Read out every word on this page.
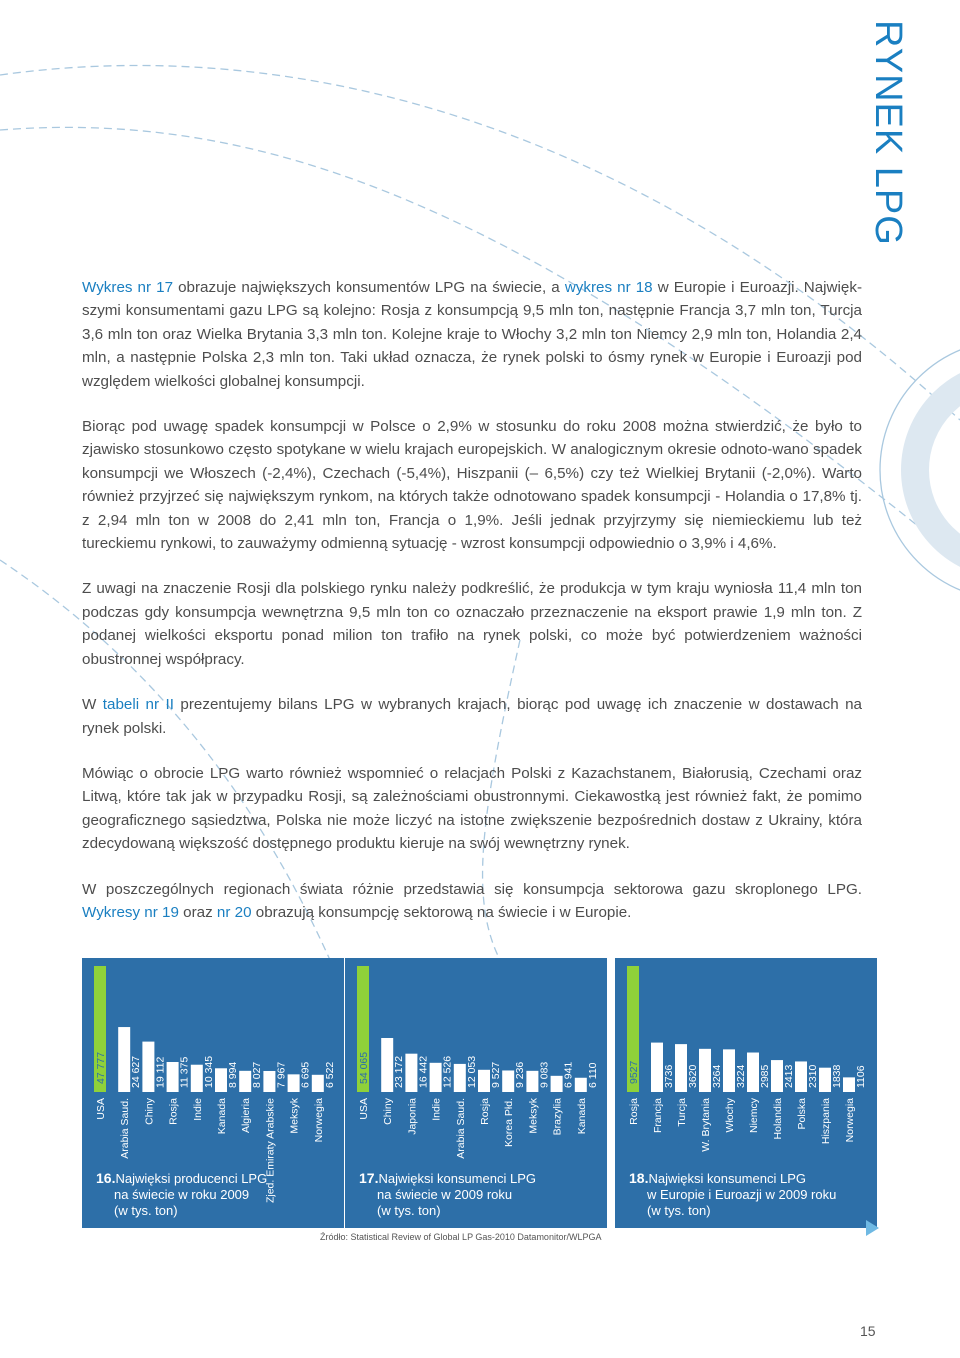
RYNEK LPG

Wykres nr 17 obrazuje największych konsumentów LPG na świecie, a wykres nr 18 w Europie i Euroazji. Najwięk-szymi konsumentami gazu LPG są kolejno: Rosja z konsumpcją 9,5 mln ton, następnie Francja 3,7 mln ton, Turcja 3,6 mln ton oraz Wielka Brytania 3,3 mln ton. Kolejne kraje to Włochy 3,2 mln ton Niemcy 2,9 mln ton, Holandia 2,4 mln, a następnie Polska 2,3 mln ton. Taki układ oznacza, że rynek polski to ósmy rynek w Europie i Euroazji pod względem wielkości globalnej konsumpcji.

Biorąc pod uwagę spadek konsumpcji w Polsce o 2,9% w stosunku do roku 2008 można stwierdzić, że było to zjawisko stosunkowo często spotykane w wielu krajach europejskich. W analogicznym okresie odnoto-wano spadek konsumpcji we Włoszech (-2,4%), Czechach (-5,4%), Hiszpanii (– 6,5%) czy też Wielkiej Brytanii (-2,0%). Warto również przyjrzeć się największym rynkom, na których także odnotowano spadek konsumpcji - Holandia o 17,8% tj. z 2,94 mln ton w 2008 do 2,41 mln ton, Francja o 1,9%. Jeśli jednak przyjrzymy się niemieckiemu lub też tureckiemu rynkowi, to zauważymy odmienną sytuację - wzrost konsumpcji odpowiednio o 3,9% i 4,6%.

Z uwagi na znaczenie Rosji dla polskiego rynku należy podkreślić, że produkcja w tym kraju wyniosła 11,4 mln ton podczas gdy konsumpcja wewnętrzna 9,5 mln ton co oznaczało przeznaczenie na eksport prawie 1,9 mln ton. Z podanej wielkości eksportu ponad milion ton trafiło na rynek polski, co może być potwierdzeniem ważności obustronnej współpracy.

W tabeli nr II prezentujemy bilans LPG w wybranych krajach, biorąc pod uwagę ich znaczenie w dostawach na rynek polski.

Mówiąc o obrocie LPG warto również wspomnieć o relacjach Polski z Kazachstanem, Białorusią, Czechami oraz Litwą, które tak jak w przypadku Rosji, są zależnościami obustronnymi. Ciekawostką jest również fakt, że pomimo geograficznego sąsiedztwa, Polska nie może liczyć na istotne zwiększenie bezpośrednich dostaw z Ukrainy, która zdecydowaną większość dostępnego produktu kieruje na swój wewnętrzny rynek.

W poszczególnych regionach świata różnie przedstawia się konsumpcja sektorowa gazu skroplonego LPG. Wykresy nr 19 oraz nr 20 obrazują konsumpcję sektorową na świecie i w Europie.

47 777
USA
24 627
Arabia Saud.
19 112
Chiny
11 375
Rosja
10 345
Indie
8 994
Kanada
8 027
Algieria
7 967
Zjed. Emiraty Arabskie
6 695
Meksyk
6 522
Norwegia
16.Najwięksi producenci LPG
na świecie w roku 2009
(w tys. ton)
54 065
USA
23 172
Chiny
16 442
Japonia
12 526
Indie
12 053
Arabia Saud.
9 527
Rosja
9 236
Korea Płd.
9 083
Meksyk
6 941
Brazylia
6 110
Kanada
17.Najwięksi konsumenci LPG
na świecie w 2009 roku
(w tys. ton)
9527
Rosja
3736
Francja
3620
Turcja
3264
W. Brytania
3224
Włochy
2985
Niemcy
2413
Holandia
2310
Polska
1838
Hiszpania
1106
Norwegia
18.Najwięksi konsumenci LPG
w Europie i Euroazji w 2009 roku
(w tys. ton)
Źródło: Statistical Review of Global LP Gas-2010 Datamonitor/WLPGA
15
